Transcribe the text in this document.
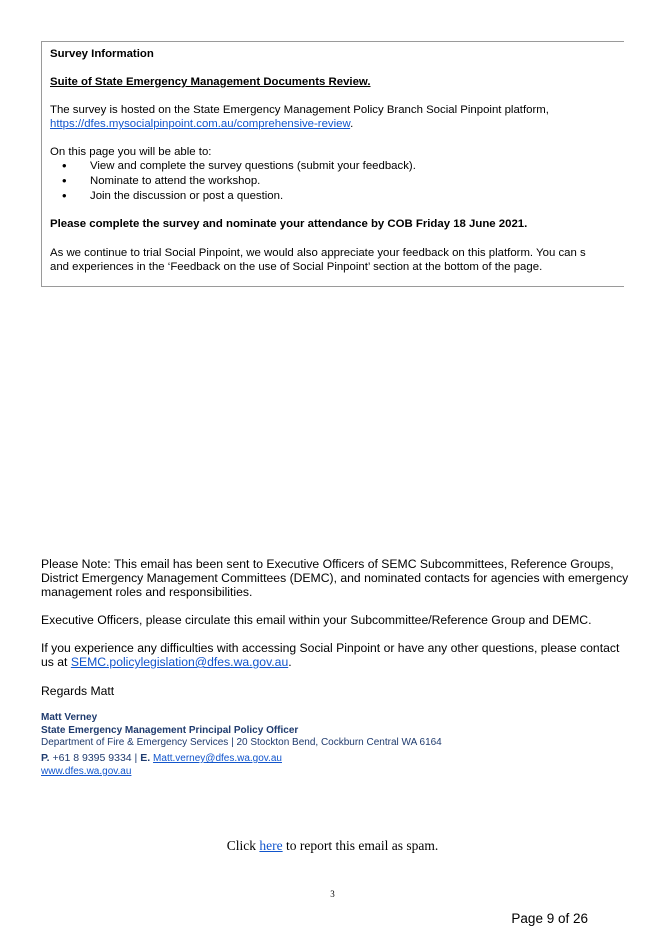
Survey Information
Suite of State Emergency Management Documents Review.
The survey is hosted on the State Emergency Management Policy Branch Social Pinpoint platform,
https://dfes.mysocialpinpoint.com.au/comprehensive-review.
On this page you will be able to:
• View and complete the survey questions (submit your feedback).
• Nominate to attend the workshop.
• Join the discussion or post a question.
Please complete the survey and nominate your attendance by COB Friday 18 June 2021.
As we continue to trial Social Pinpoint, we would also appreciate your feedback on this platform. You can s
and experiences in the ‘Feedback on the use of Social Pinpoint’ section at the bottom of the page.
Please Note: This email has been sent to Executive Officers of SEMC Subcommittees, Reference Groups, District Emergency Management Committees (DEMC), and nominated contacts for agencies with emergency management roles and responsibilities.
Executive Officers, please circulate this email within your Subcommittee/Reference Group and DEMC.
If you experience any difficulties with accessing Social Pinpoint or have any other questions, please contact us at SEMC.policylegislation@dfes.wa.gov.au.
Regards Matt
Matt Verney
State Emergency Management Principal Policy Officer
Department of Fire & Emergency Services | 20 Stockton Bend, Cockburn Central WA 6164
P. +61 8 9395 9334 | E. Matt.verney@dfes.wa.gov.au
www.dfes.wa.gov.au
Click here to report this email as spam.
3
Page 9 of 26
